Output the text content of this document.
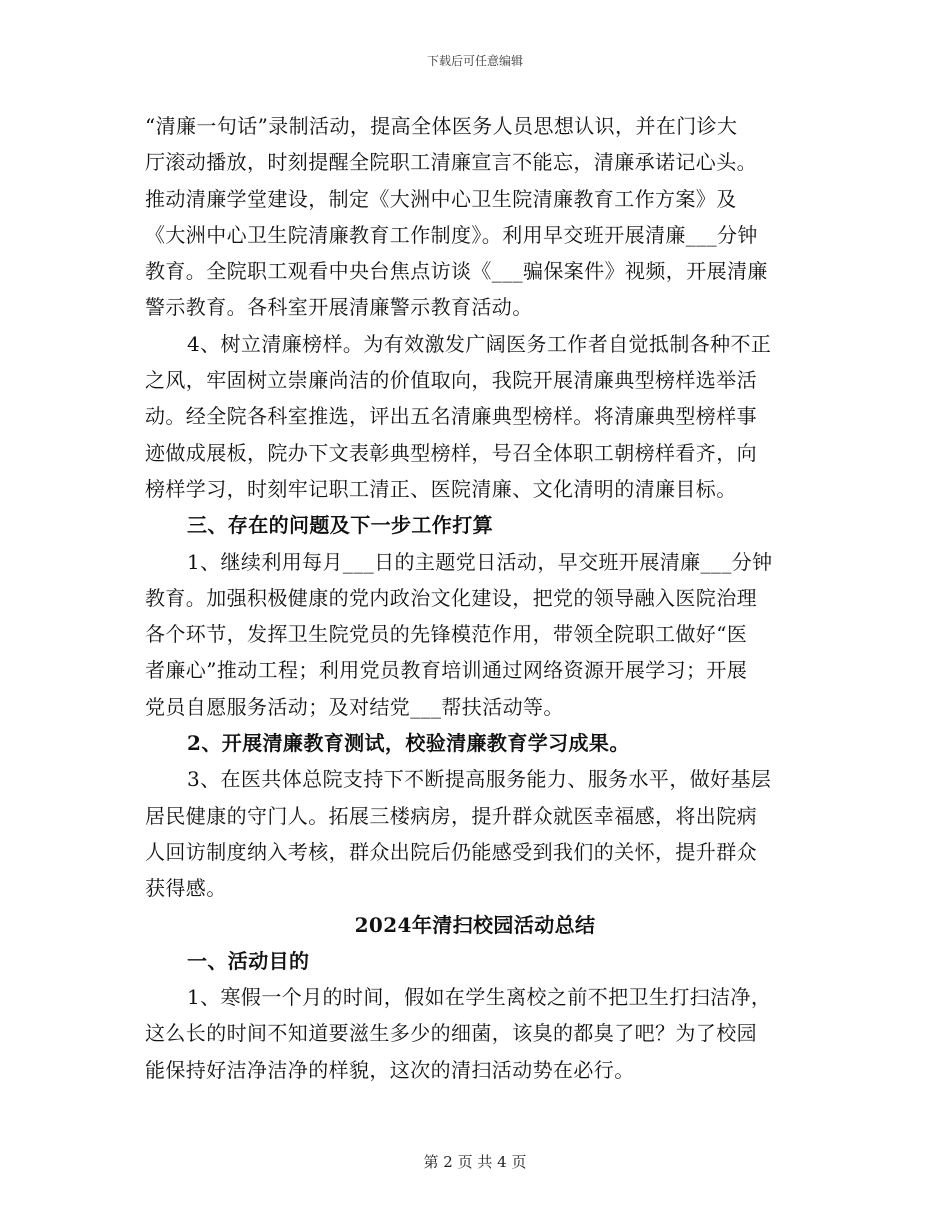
下载后可任意编辑
“清廉一句话”录制活动，提高全体医务人员思想认识，并在门诊大
厅滚动播放，时刻提醒全院职工清廉宣言不能忘，清廉承诺记心头。
推动清廉学堂建设，制定《大洲中心卫生院清廉教育工作方案》及
《大洲中心卫生院清廉教育工作制度》。利用早交班开展清廉___分钟
教育。全院职工观看中央台焦点访谈《___骗保案件》视频，开展清廉
警示教育。各科室开展清廉警示教育活动。
4、树立清廉榜样。为有效激发广阔医务工作者自觉抵制各种不正
之风，牢固树立崇廉尚洁的价值取向，我院开展清廉典型榜样选举活
动。经全院各科室推选，评出五名清廉典型榜样。将清廉典型榜样事
迹做成展板，院办下文表彰典型榜样，号召全体职工朝榜样看齐，向
榜样学习，时刻牢记职工清正、医院清廉、文化清明的清廉目标。
三、存在的问题及下一步工作打算
1、继续利用每月___日的主题党日活动，早交班开展清廉___分钟
教育。加强积极健康的党内政治文化建设，把党的领导融入医院治理
各个环节，发挥卫生院党员的先锋模范作用，带领全院职工做好“医
者廉心”推动工程；利用党员教育培训通过网络资源开展学习；开展
党员自愿服务活动；及对结党___帮扶活动等。
2、开展清廉教育测试，校验清廉教育学习成果。
3、在医共体总院支持下不断提高服务能力、服务水平，做好基层
居民健康的守门人。拓展三楼病房，提升群众就医幸福感，将出院病
人回访制度纳入考核，群众出院后仍能感受到我们的关怀，提升群众
获得感。
2024年清扫校园活动总结
一、活动目的
1、寒假一个月的时间，假如在学生离校之前不把卫生打扫洁净，
这么长的时间不知道要滋生多少的细菌，该臭的都臭了吧？为了校园
能保持好洁净洁净的样貌，这次的清扫活动势在必行。
第 2 页 共 4 页
